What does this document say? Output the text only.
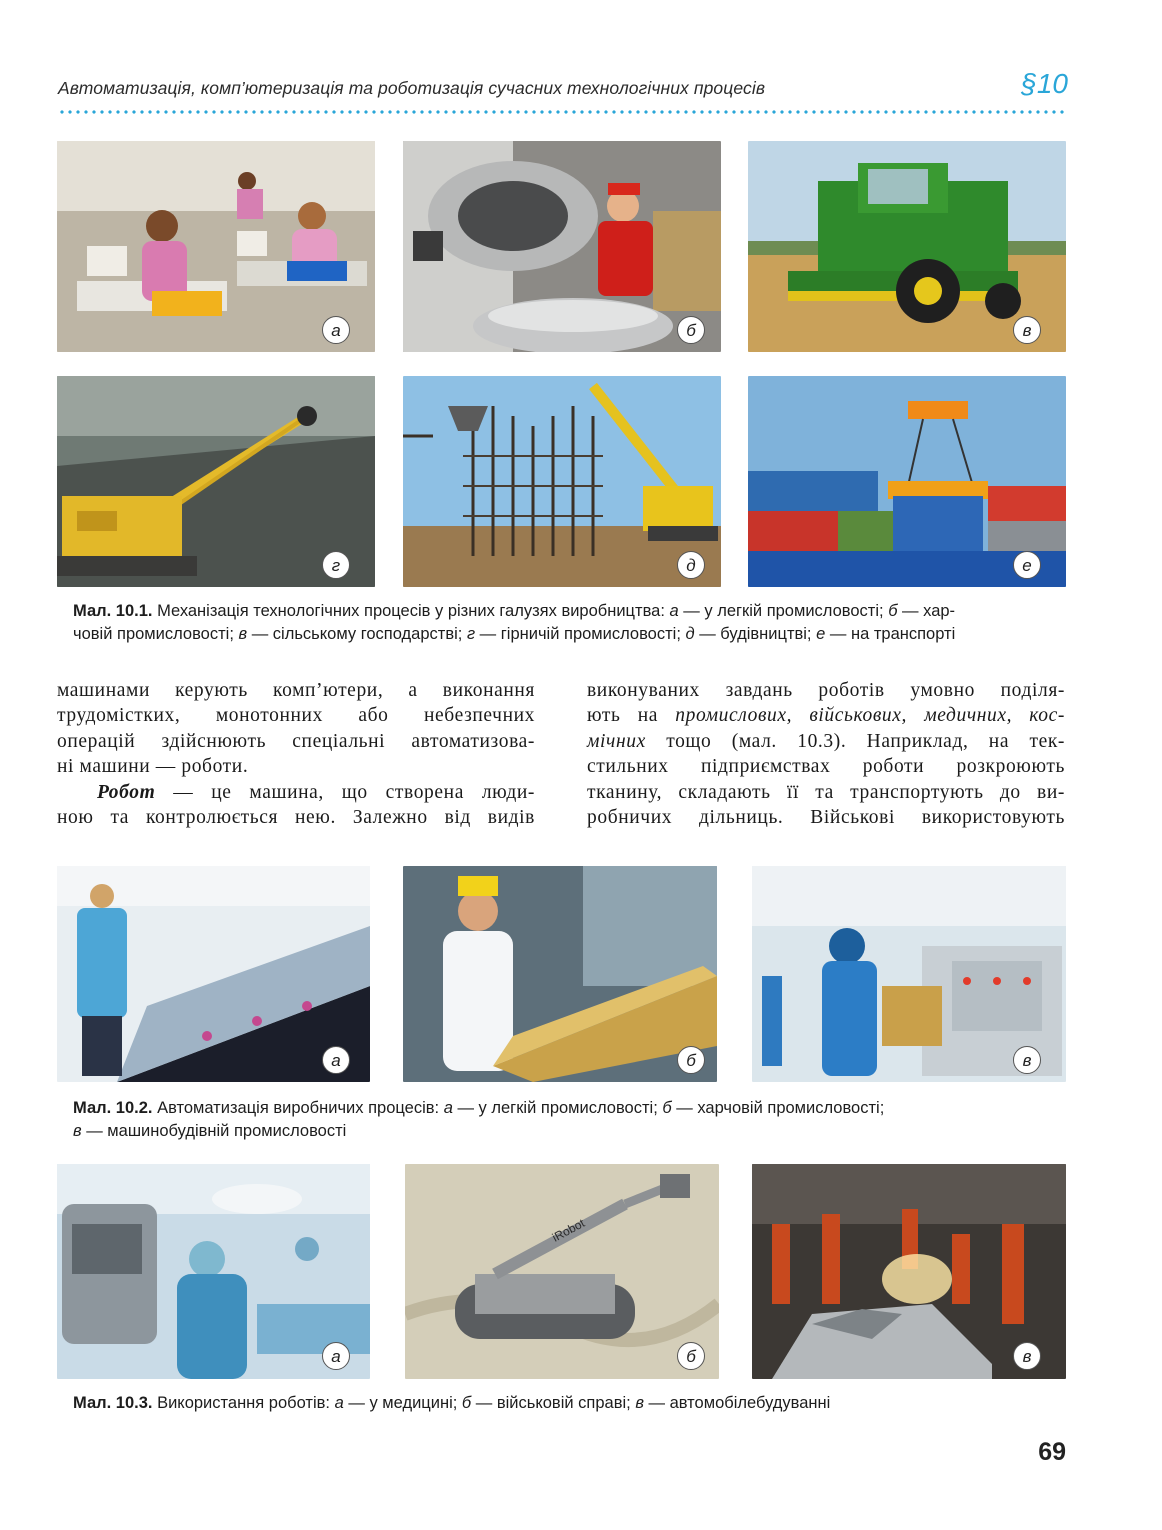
Автоматизація, комп’ютеризація та роботизація сучасних технологічних процесів	§10
а	б	в
г	д	е
Мал. 10.1. Механізація технологічних процесів у різних галузях виробництва: а — у легкій промисловості; б — хар-
човій промисловості; в — сільському господарстві; г — гірничій промисловості; д — будівництві; е — на транспорті

машинами керують комп’ютери, а виконання
трудомістких, монотонних або небезпечних
операцій здійснюють спеціальні автоматизова-
ні машини — роботи.
Робот — це машина, що створена люди-
ною та контролюється нею. Залежно від видів

виконуваних завдань роботів умовно поділя-
ють на промислових, військових, медичних, кос-
мічних тощо (мал. 10.3). Наприклад, на тек-
стильних підприємствах роботи розкроюють
тканину, складають її та транспортують до ви-
робничих дільниць. Військові використовують

а	б	в
Мал. 10.2. Автоматизація виробничих процесів: а — у легкій промисловості; б — харчовій промисловості;
в — машинобудівній промисловості
а
iRobot
б	в
Мал. 10.3. Використання роботів: а — у медицині; б — військовій справі; в — автомобілебудуванні
69
